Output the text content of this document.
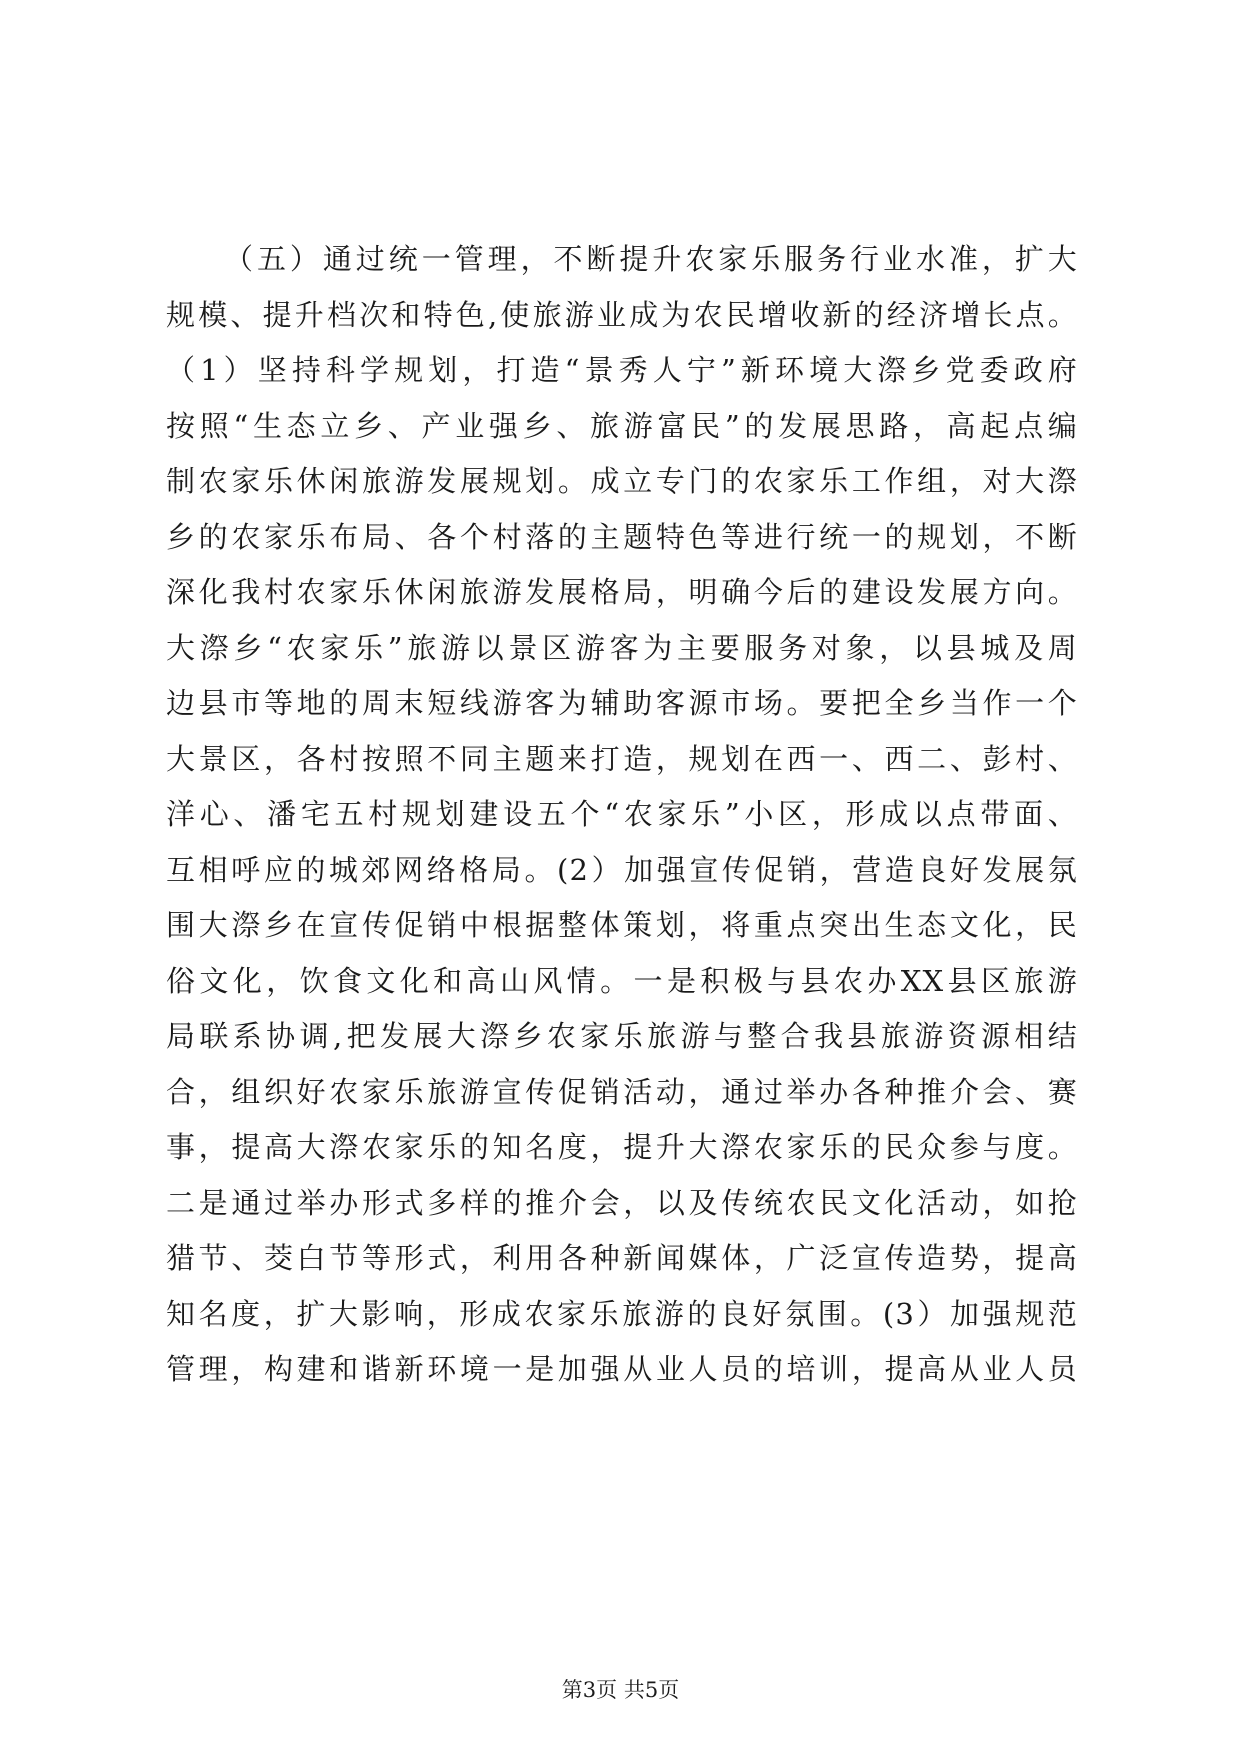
（五）通过统一管理，不断提升农家乐服务行业水准，扩大
规模、提升档次和特色,使旅游业成为农民增收新的经济增长点。
（1）坚持科学规划，打造“景秀人宁”新环境大漈乡党委政府
按照“生态立乡、产业强乡、旅游富民”的发展思路，高起点编
制农家乐休闲旅游发展规划。成立专门的农家乐工作组，对大漈
乡的农家乐布局、各个村落的主题特色等进行统一的规划，不断
深化我村农家乐休闲旅游发展格局，明确今后的建设发展方向。
大漈乡“农家乐”旅游以景区游客为主要服务对象，以县城及周
边县市等地的周末短线游客为辅助客源市场。要把全乡当作一个
大景区，各村按照不同主题来打造，规划在西一、西二、彭村、
洋心、潘宅五村规划建设五个“农家乐”小区，形成以点带面、
互相呼应的城郊网络格局。(2）加强宣传促销，营造良好发展氛
围大漈乡在宣传促销中根据整体策划，将重点突出生态文化，民
俗文化，饮食文化和高山风情。一是积极与县农办XX县区旅游
局联系协调,把发展大漈乡农家乐旅游与整合我县旅游资源相结
合，组织好农家乐旅游宣传促销活动，通过举办各种推介会、赛
事，提高大漈农家乐的知名度，提升大漈农家乐的民众参与度。
二是通过举办形式多样的推介会，以及传统农民文化活动，如抢
猎节、茭白节等形式，利用各种新闻媒体，广泛宣传造势，提高
知名度，扩大影响，形成农家乐旅游的良好氛围。(3）加强规范
管理，构建和谐新环境一是加强从业人员的培训，提高从业人员
第3页 共5页
